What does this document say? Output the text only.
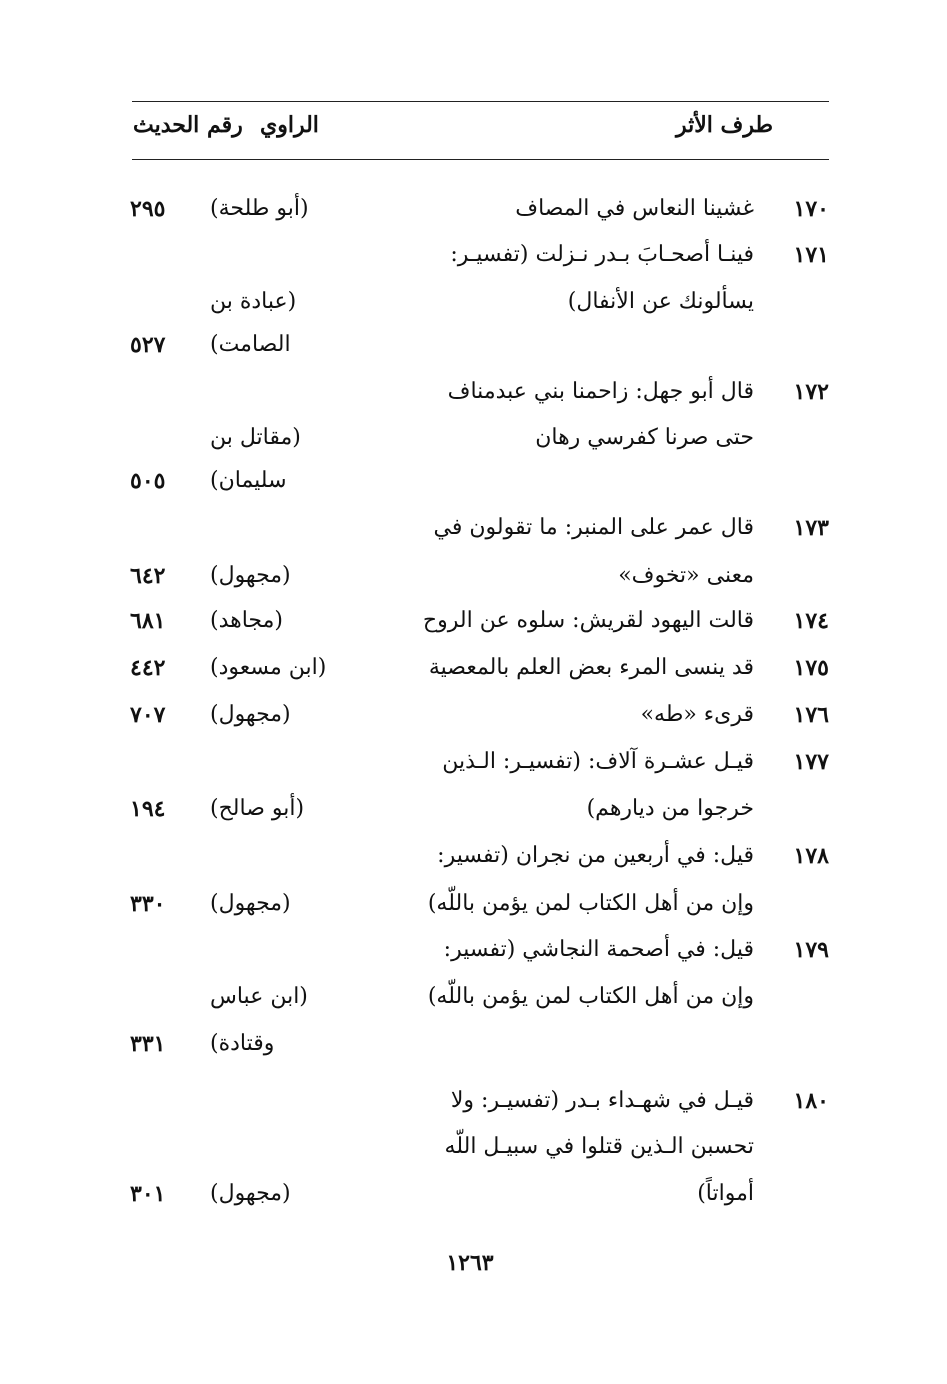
طرف الأثر
الراوي
رقم الحديث
١٧٠
غشينا النعاس في المصاف
(أبو طلحة)
٢٩٥
١٧١
فينـا أصحـابَ بـدر نـزلت (تفسيـر:
يسألونك عن الأنفال)
(عبادة بن
الصامت)
٥٢٧
١٧٢
قال أبو جهل: زاحمنا بني عبدمناف
حتى صرنا كفرسي رهان
(مقاتل بن
سليمان)
٥٠٥
١٧٣
قال عمر على المنبر: ما تقولون في
معنى «تخوف»
(مجهول)
٦٤٢
١٧٤
قالت اليهود لقريش: سلوه عن الروح
(مجاهد)
٦٨١
١٧٥
قد ينسى المرء بعض العلم بالمعصية
(ابن مسعود)
٤٤٢
١٧٦
قرىء «طه»
(مجهول)
٧٠٧
١٧٧
قيـل عشـرة آلاف: (تفسيـر: الـذين
خرجوا من ديارهم)
(أبو صالح)
١٩٤
١٧٨
قيل: في أربعين من نجران (تفسير:
وإن من أهل الكتاب لمن يؤمن باللّه)
(مجهول)
٣٣٠
١٧٩
قيل: في أصحمة النجاشي (تفسير:
وإن من أهل الكتاب لمن يؤمن باللّه)
(ابن عباس
وقتادة)
٣٣١
١٨٠
قيـل في شهـداء بـدر (تفسيـر: ولا
تحسبن الـذين قتلوا في سبيـل اللّه
أمواتاً)
(مجهول)
٣٠١
١٢٦٣
